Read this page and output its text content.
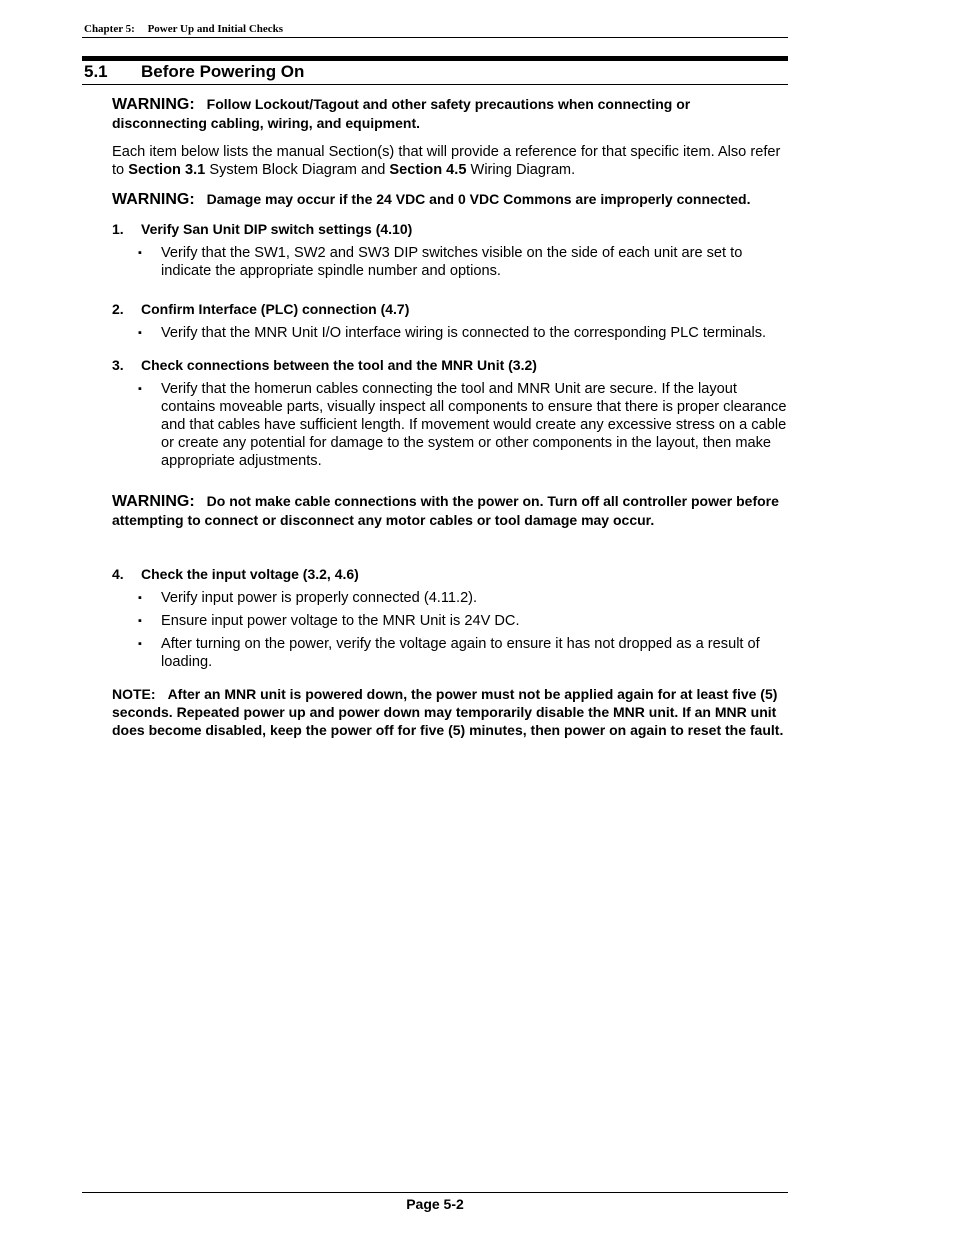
Chapter 5: Power Up and Initial Checks
5.1 Before Powering On

WARNING: Follow Lockout/Tagout and other safety precautions when connecting or disconnecting cabling, wiring, and equipment.

Each item below lists the manual Section(s) that will provide a reference for that specific item. Also refer to Section 3.1 System Block Diagram and Section 4.5 Wiring Diagram.

WARNING: Damage may occur if the 24 VDC and 0 VDC Commons are improperly connected.

1. Verify San Unit DIP switch settings (4.10)

▪ Verify that the SW1, SW2 and SW3 DIP switches visible on the side of each unit are set to indicate the appropriate spindle number and options.

2. Confirm Interface (PLC) connection (4.7)

▪ Verify that the MNR Unit I/O interface wiring is connected to the corresponding PLC terminals.

3. Check connections between the tool and the MNR Unit (3.2)

▪ Verify that the homerun cables connecting the tool and MNR Unit are secure. If the layout contains moveable parts, visually inspect all components to ensure that there is proper clearance and that cables have sufficient length. If movement would create any excessive stress on a cable or create any potential for damage to the system or other components in the layout, then make appropriate adjustments.

WARNING: Do not make cable connections with the power on. Turn off all controller power before attempting to connect or disconnect any motor cables or tool damage may occur.

4. Check the input voltage (3.2, 4.6)

▪ Verify input power is properly connected (4.11.2).
▪ Ensure input power voltage to the MNR Unit is 24V DC.
▪ After turning on the power, verify the voltage again to ensure it has not dropped as a result of loading.

NOTE: After an MNR unit is powered down, the power must not be applied again for at least five (5) seconds. Repeated power up and power down may temporarily disable the MNR unit. If an MNR unit does become disabled, keep the power off for five (5) minutes, then power on again to reset the fault.

Page 5-2
